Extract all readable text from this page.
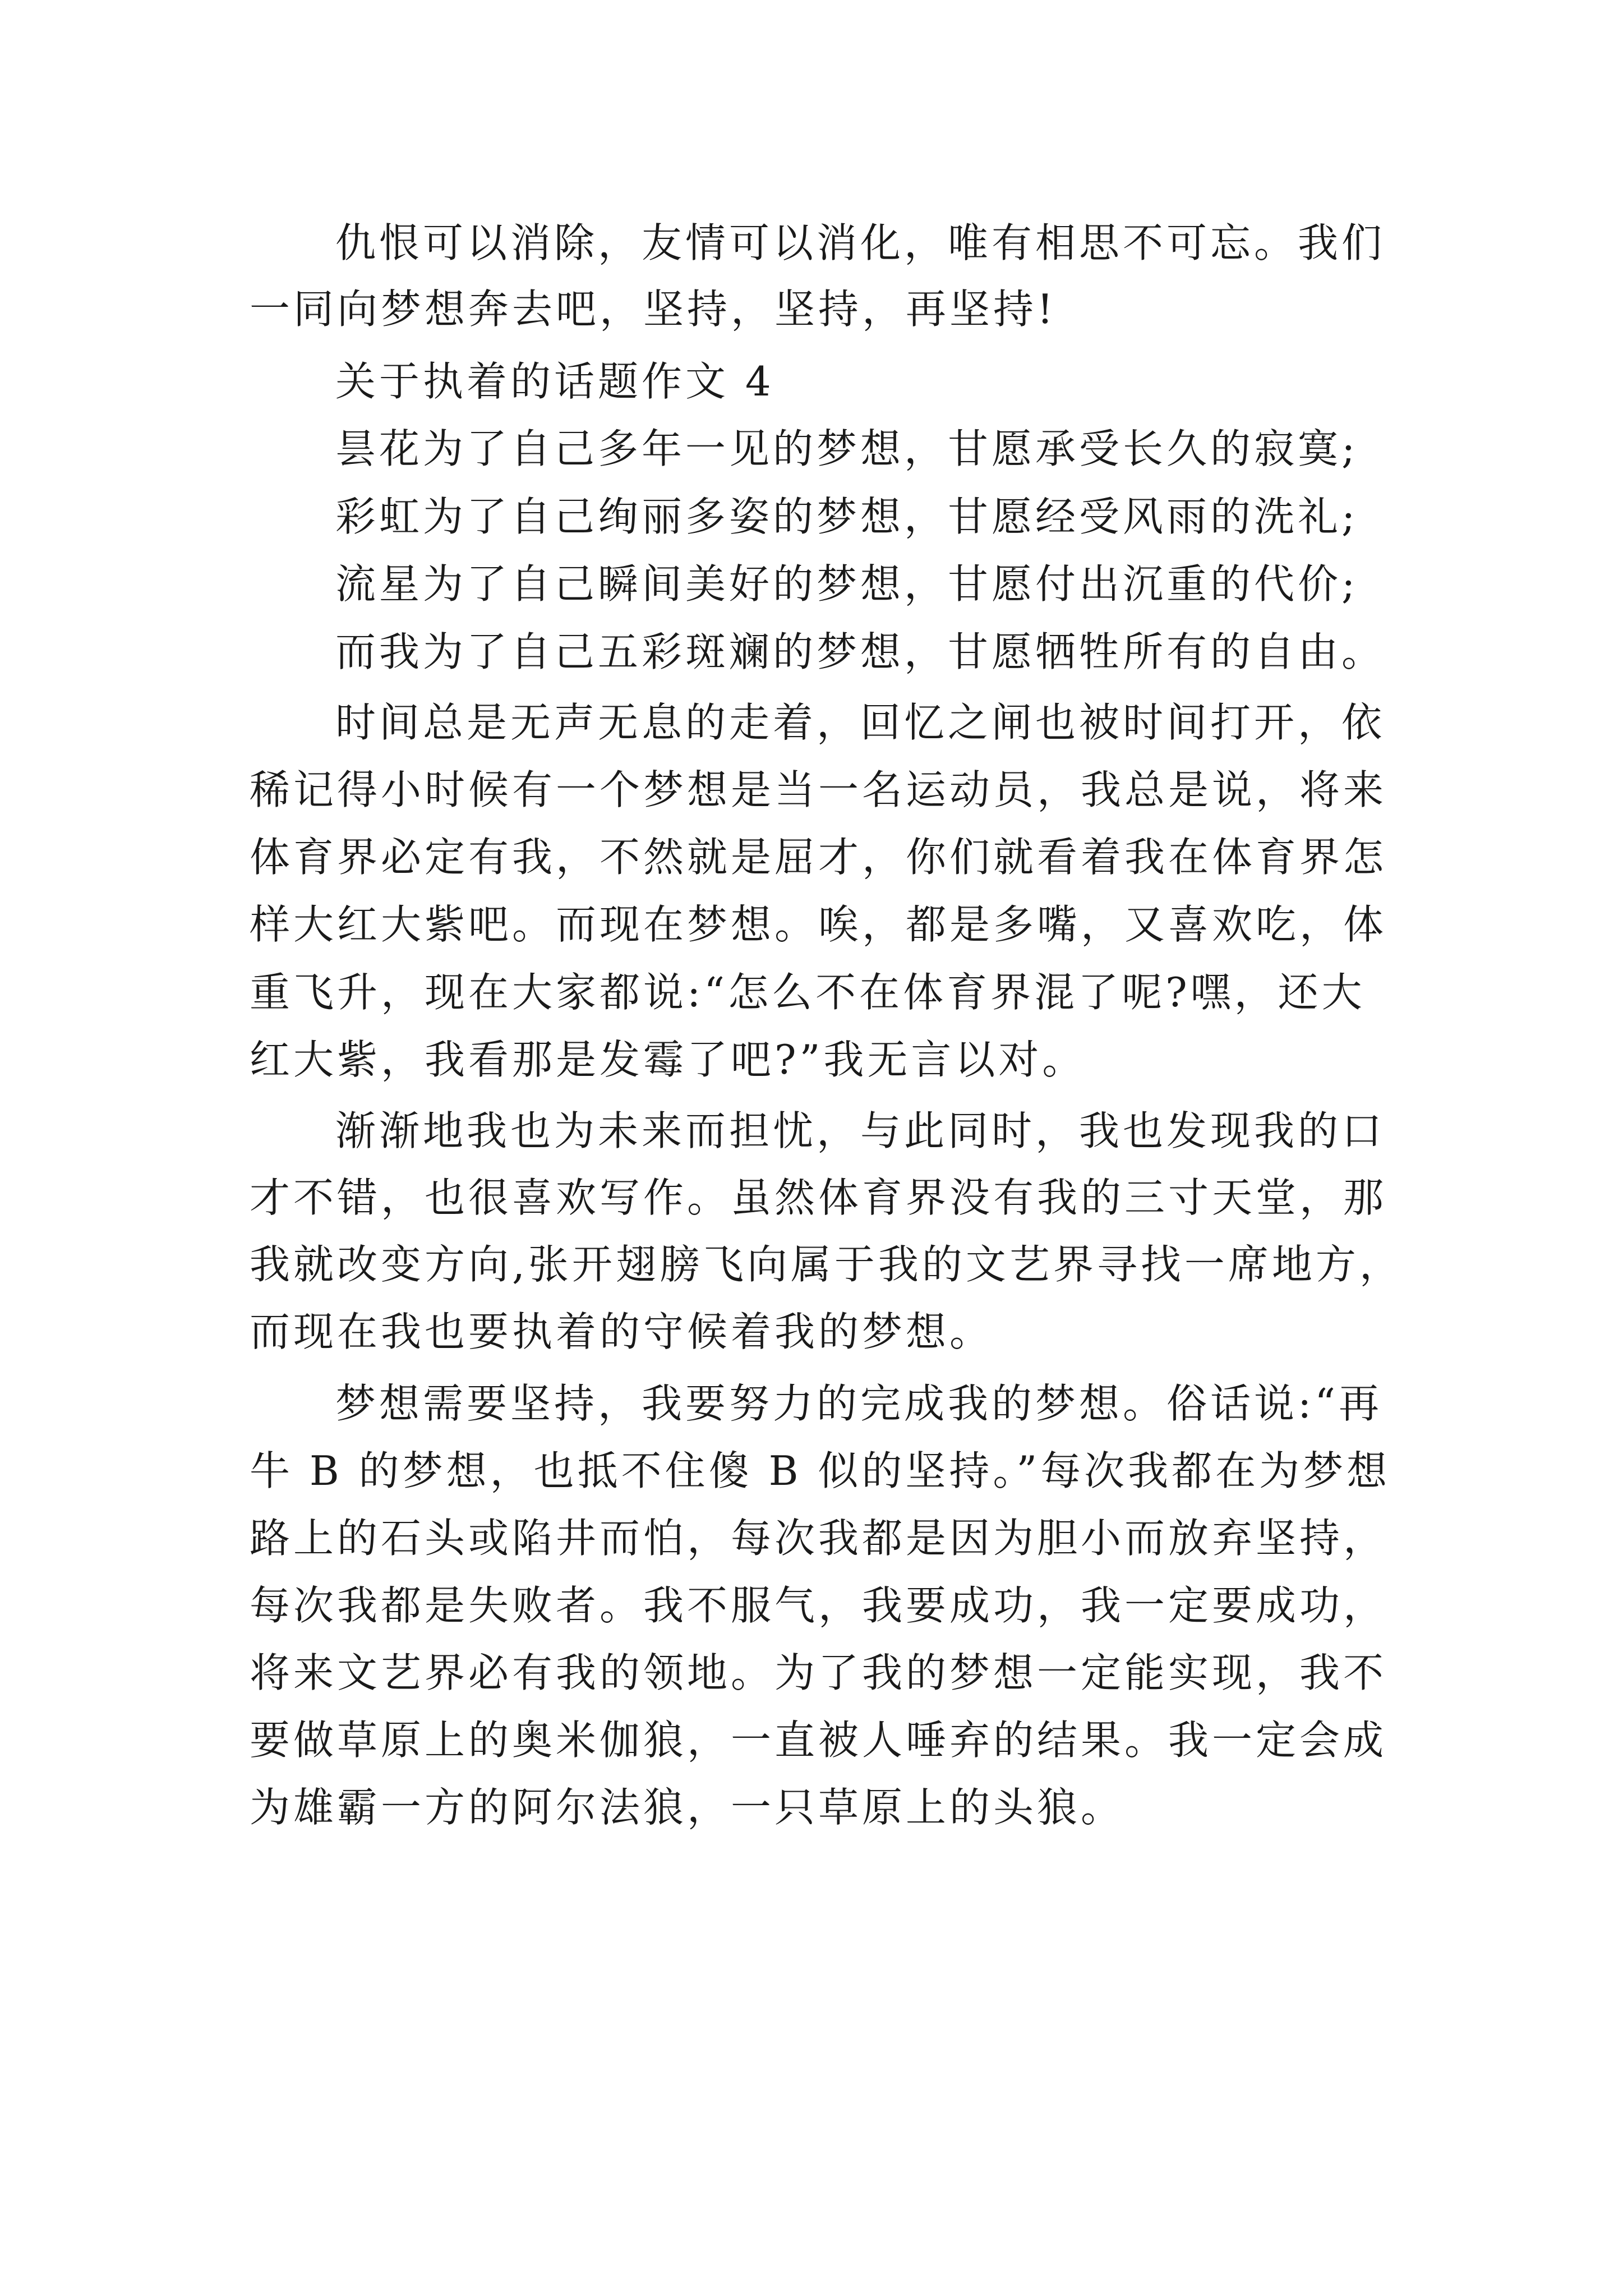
仇恨可以消除，友情可以消化，唯有相思不可忘。我们
一同向梦想奔去吧，坚持，坚持，再坚持!
关于执着的话题作文 4
昙花为了自己多年一见的梦想，甘愿承受长久的寂寞;
彩虹为了自己绚丽多姿的梦想，甘愿经受风雨的洗礼;
流星为了自己瞬间美好的梦想，甘愿付出沉重的代价;
而我为了自己五彩斑斓的梦想，甘愿牺牲所有的自由。
时间总是无声无息的走着，回忆之闸也被时间打开，依
稀记得小时候有一个梦想是当一名运动员，我总是说，将来
体育界必定有我，不然就是屈才，你们就看着我在体育界怎
样大红大紫吧。而现在梦想。唉，都是多嘴，又喜欢吃，体
重飞升，现在大家都说:“怎么不在体育界混了呢?嘿，还大
红大紫，我看那是发霉了吧?”我无言以对。
渐渐地我也为未来而担忧，与此同时，我也发现我的口
才不错，也很喜欢写作。虽然体育界没有我的三寸天堂，那
我就改变方向,张开翅膀飞向属于我的文艺界寻找一席地方，
而现在我也要执着的守候着我的梦想。
梦想需要坚持，我要努力的完成我的梦想。俗话说:“再
牛 B 的梦想，也抵不住傻 B 似的坚持。”每次我都在为梦想
路上的石头或陷井而怕，每次我都是因为胆小而放弃坚持，
每次我都是失败者。我不服气，我要成功，我一定要成功，
将来文艺界必有我的领地。为了我的梦想一定能实现，我不
要做草原上的奥米伽狼，一直被人唾弃的结果。我一定会成
为雄霸一方的阿尔法狼，一只草原上的头狼。
